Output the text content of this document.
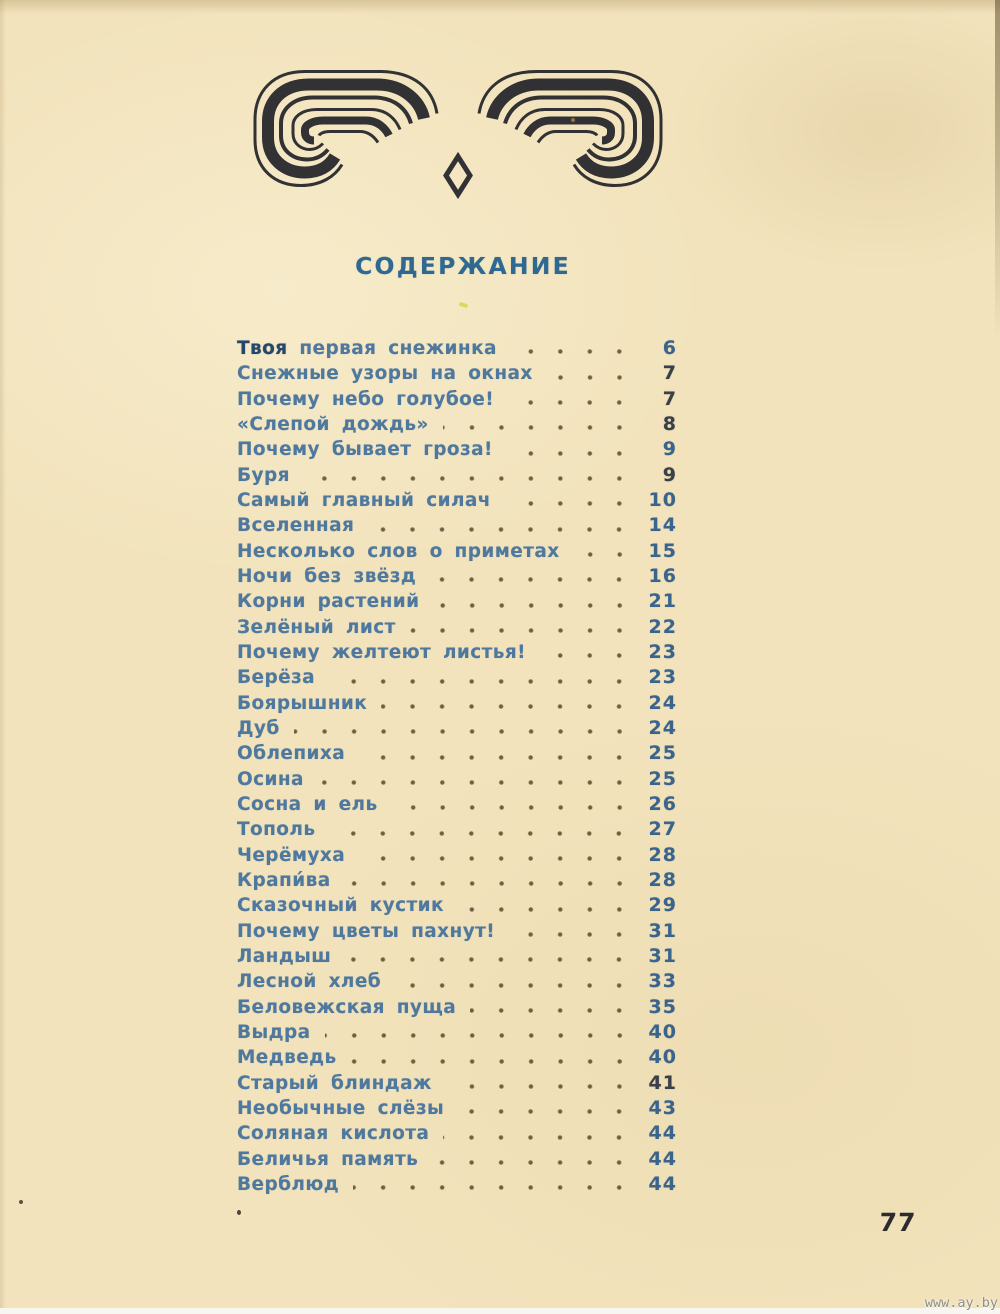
СОДЕРЖАНИЕ
Твоя первая снежинка	6
Снежные узоры на окнах	7
Почему небо голубое!	7
«Слепой дождь»	8
Почему бывает гроза!	9
Буря	9
Самый главный силач	10
Вселенная	14
Несколько слов о приметах	15
Ночи без звёзд	16
Корни растений	21
Зелёный лист	22
Почему желтеют листья!	23
Берёза	23
Боярышник	24
Дуб	24
Облепиха	25
Осина	25
Сосна и ель	26
Тополь	27
Черёмуха	28
Крапи́ва	28
Сказочный кустик	29
Почему цветы пахнут!	31
Ландыш	31
Лесной хлеб	33
Беловежская пуща	35
Выдра	40
Медведь	40
Старый блиндаж	41
Необычные слёзы	43
Соляная кислота	44
Беличья память	44
Верблюд	44
77
www.ay.by
